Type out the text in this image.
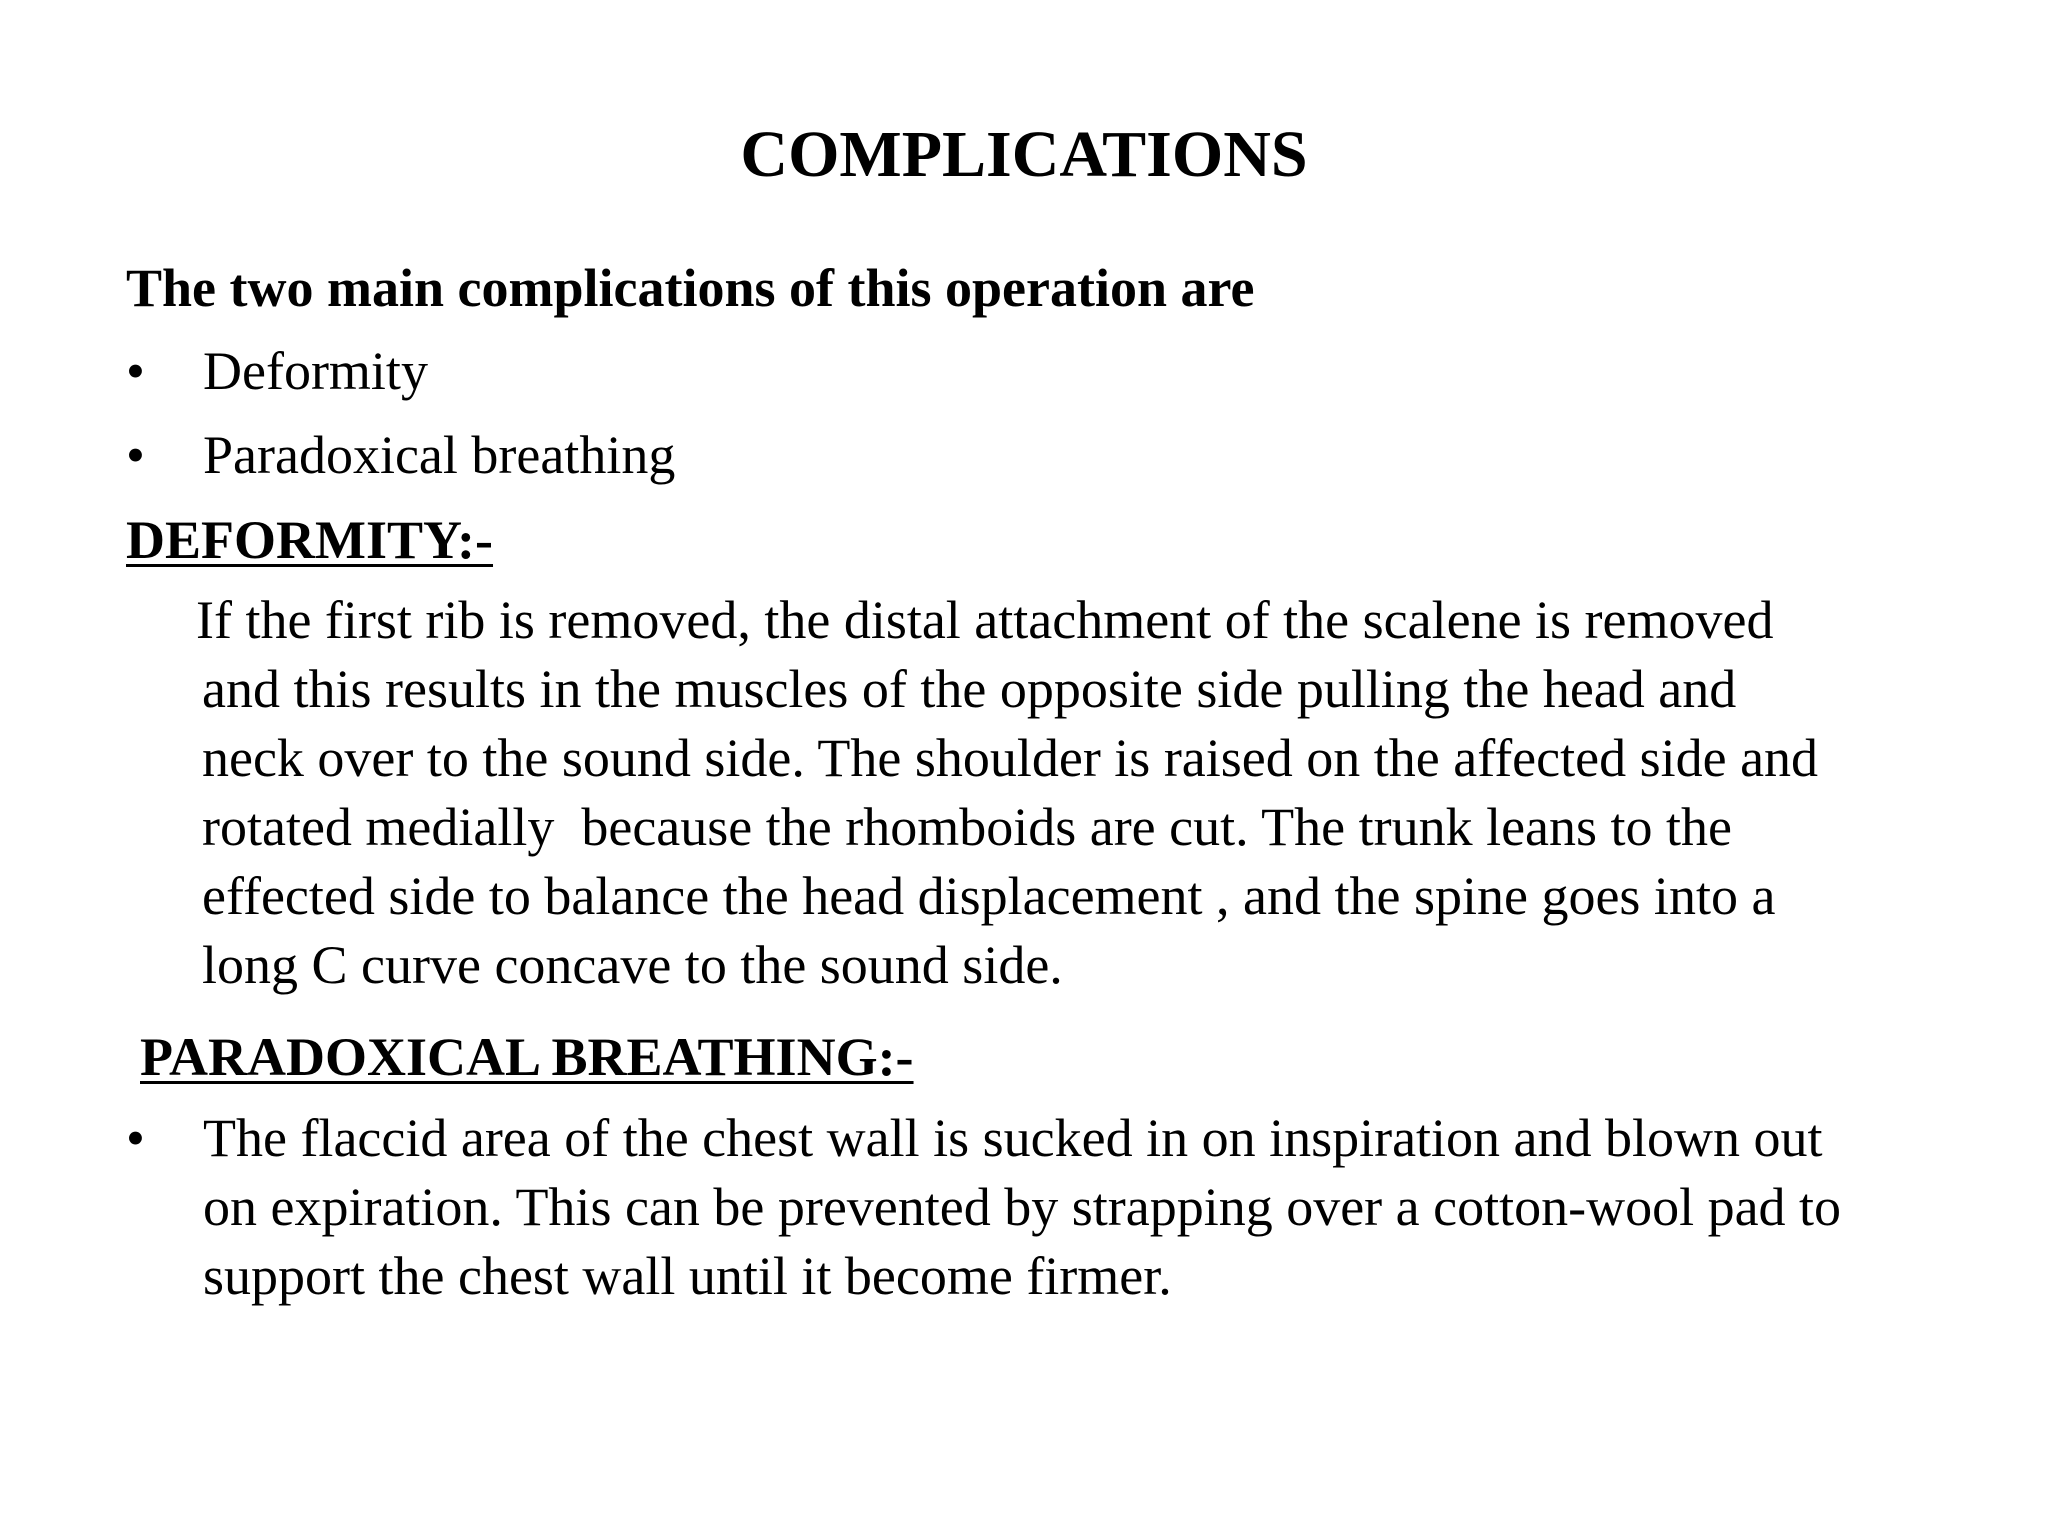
COMPLICATIONS
The two main complications of this operation are
•	Deformity
•	Paradoxical breathing
DEFORMITY:-
If the first rib is removed, the distal attachment of the scalene is removed
and this results in the muscles of the opposite side pulling the head and
neck over to the sound side. The shoulder is raised on the affected side and
rotated medially  because the rhomboids are cut. The trunk leans to the
effected side to balance the head displacement , and the spine goes into a
long C curve concave to the sound side.
PARADOXICAL BREATHING:-
•	The flaccid area of the chest wall is sucked in on inspiration and blown out
on expiration. This can be prevented by strapping over a cotton-wool pad to
support the chest wall until it become firmer.
